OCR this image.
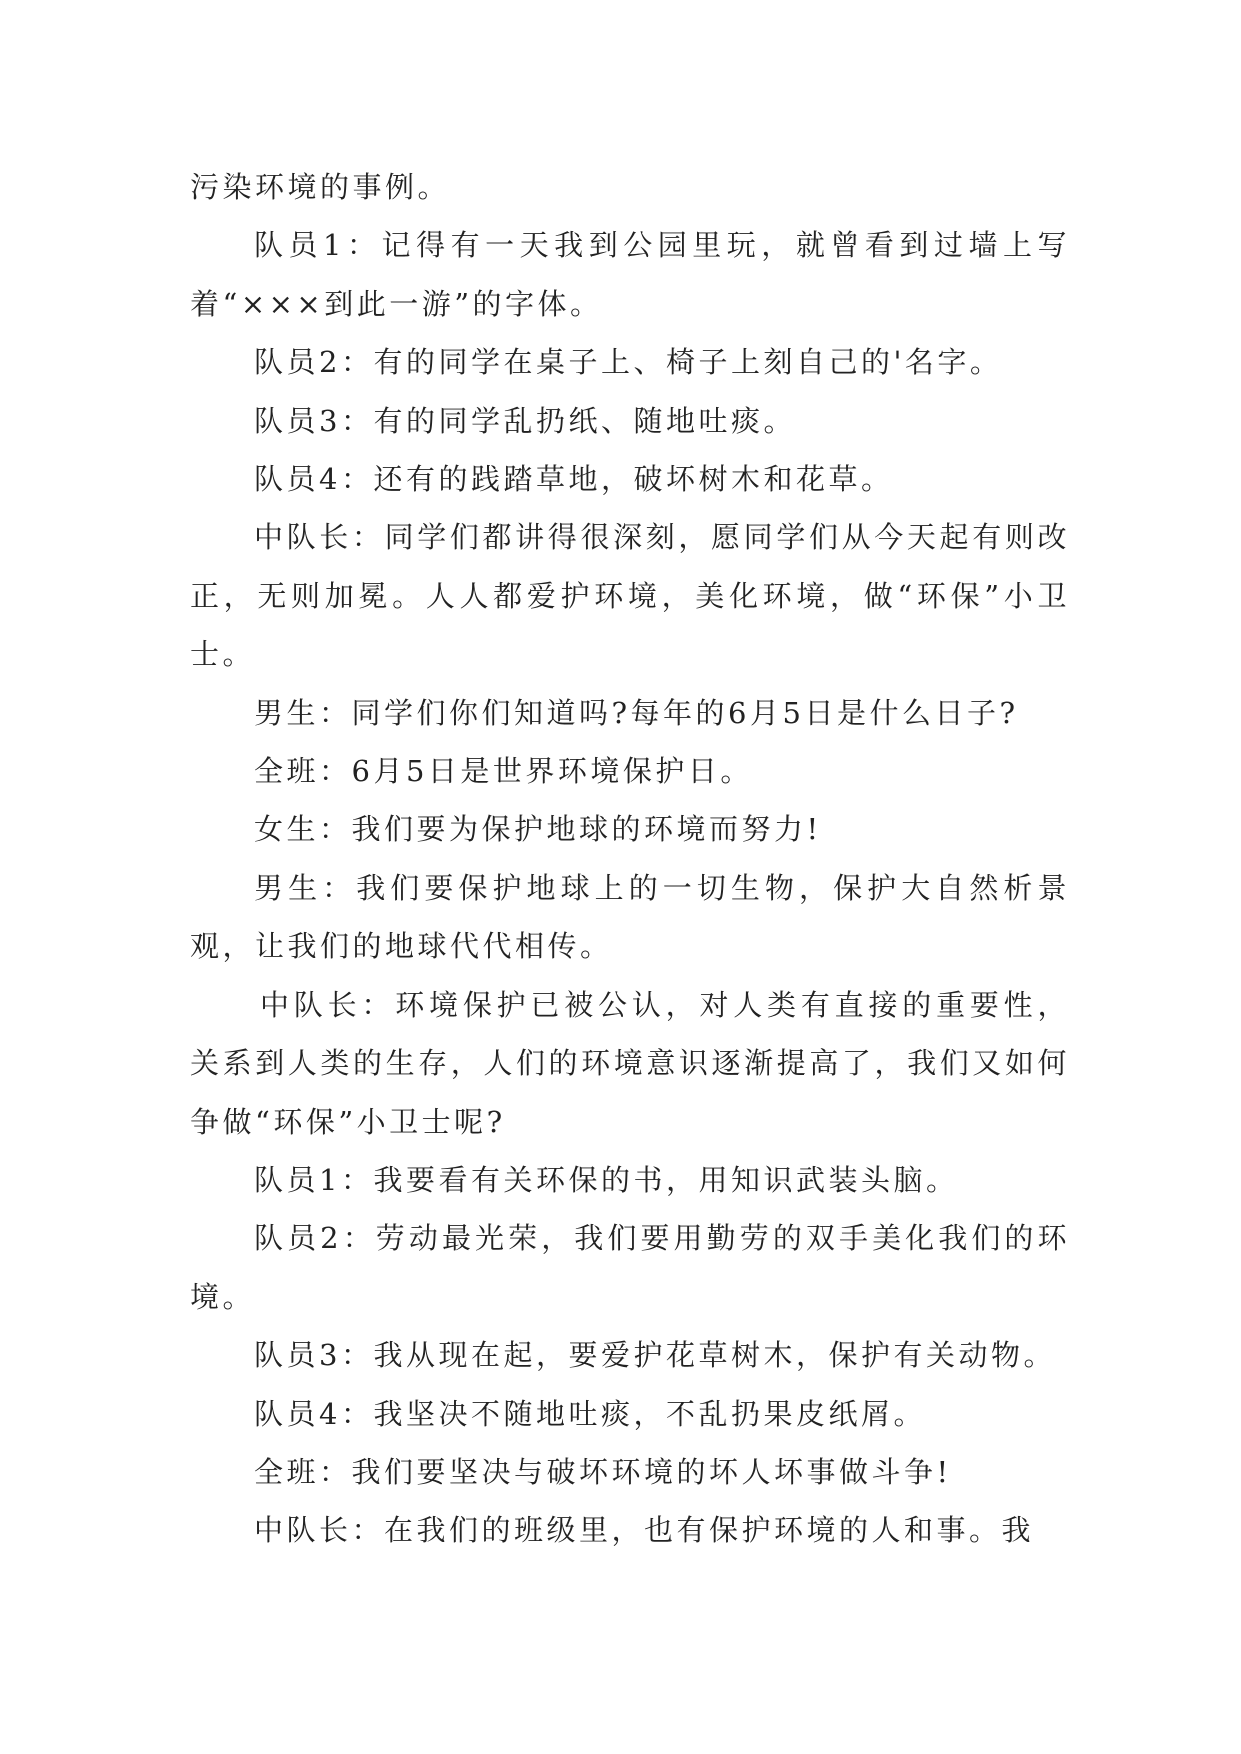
污染环境的事例。

队员1：记得有一天我到公园里玩，就曾看到过墙上写着“×××到此一游”的字体。

队员2：有的同学在桌子上、椅子上刻自己的'名字。

队员3：有的同学乱扔纸、随地吐痰。

队员4：还有的践踏草地，破坏树木和花草。

中队长：同学们都讲得很深刻，愿同学们从今天起有则改正，无则加冕。人人都爱护环境，美化环境，做“环保”小卫士。

男生：同学们你们知道吗?每年的6月5日是什么日子?

全班：6月5日是世界环境保护日。

女生：我们要为保护地球的环境而努力!

男生：我们要保护地球上的一切生物，保护大自然析景观，让我们的地球代代相传。

中队长：环境保护已被公认，对人类有直接的重要性，关系到人类的生存，人们的环境意识逐渐提高了，我们又如何争做“环保”小卫士呢?

队员1：我要看有关环保的书，用知识武装头脑。

队员2：劳动最光荣，我们要用勤劳的双手美化我们的环境。

队员3：我从现在起，要爱护花草树木，保护有关动物。

队员4：我坚决不随地吐痰，不乱扔果皮纸屑。

全班：我们要坚决与破坏环境的坏人坏事做斗争!

中队长：在我们的班级里，也有保护环境的人和事。我
